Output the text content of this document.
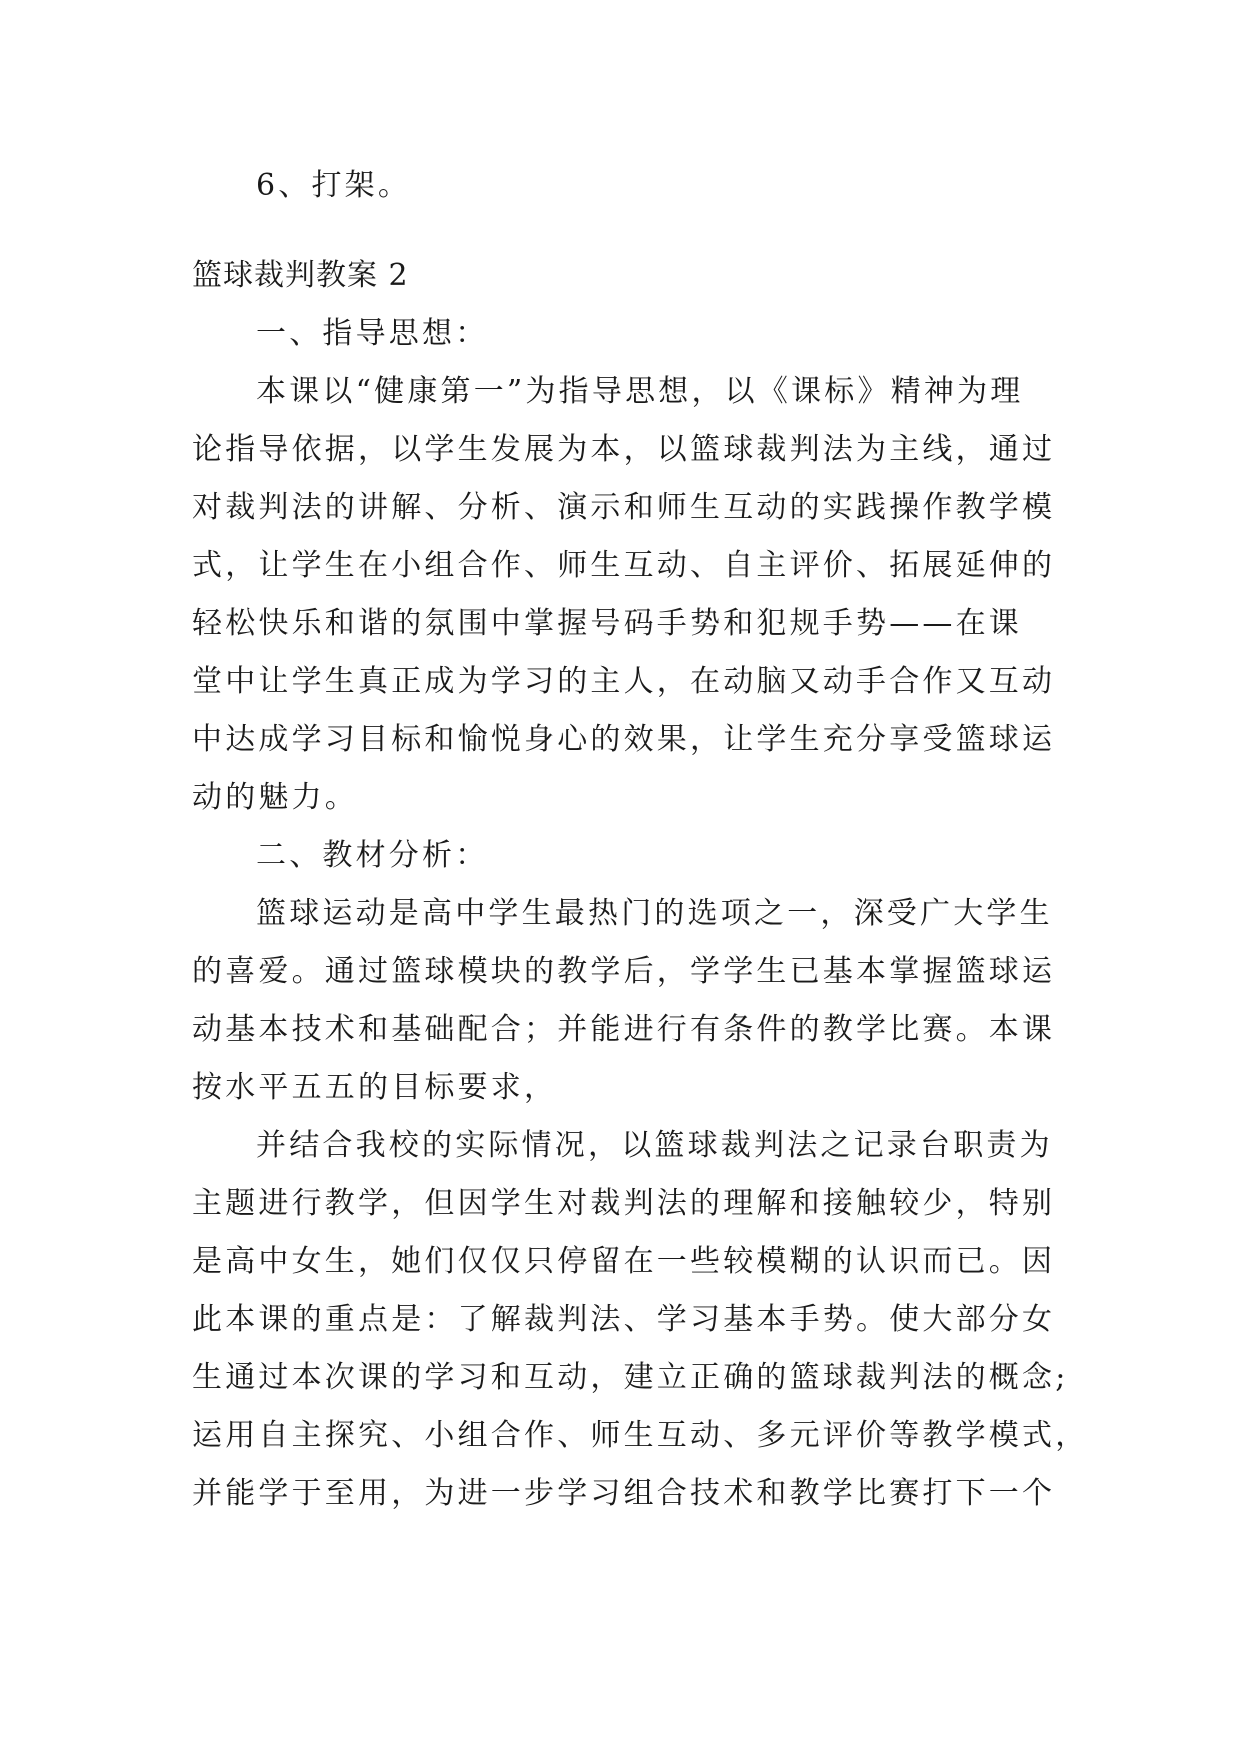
6、打架。
篮球裁判教案 2
一、指导思想：
本课以“健康第一”为指导思想，以《课标》精神为理
论指导依据，以学生发展为本，以篮球裁判法为主线，通过
对裁判法的讲解、分析、演示和师生互动的实践操作教学模
式，让学生在小组合作、师生互动、自主评价、拓展延伸的
轻松快乐和谐的氛围中掌握号码手势和犯规手势——在课
堂中让学生真正成为学习的主人，在动脑又动手合作又互动
中达成学习目标和愉悦身心的效果，让学生充分享受篮球运
动的魅力。
二、教材分析：
篮球运动是高中学生最热门的选项之一，深受广大学生
的喜爱。通过篮球模块的教学后，学学生已基本掌握篮球运
动基本技术和基础配合；并能进行有条件的教学比赛。本课
按水平五五的目标要求，
并结合我校的实际情况，以篮球裁判法之记录台职责为
主题进行教学，但因学生对裁判法的理解和接触较少，特别
是高中女生，她们仅仅只停留在一些较模糊的认识而已。因
此本课的重点是：了解裁判法、学习基本手势。使大部分女
生通过本次课的学习和互动，建立正确的篮球裁判法的概念;
运用自主探究、小组合作、师生互动、多元评价等教学模式，
并能学于至用，为进一步学习组合技术和教学比赛打下一个
